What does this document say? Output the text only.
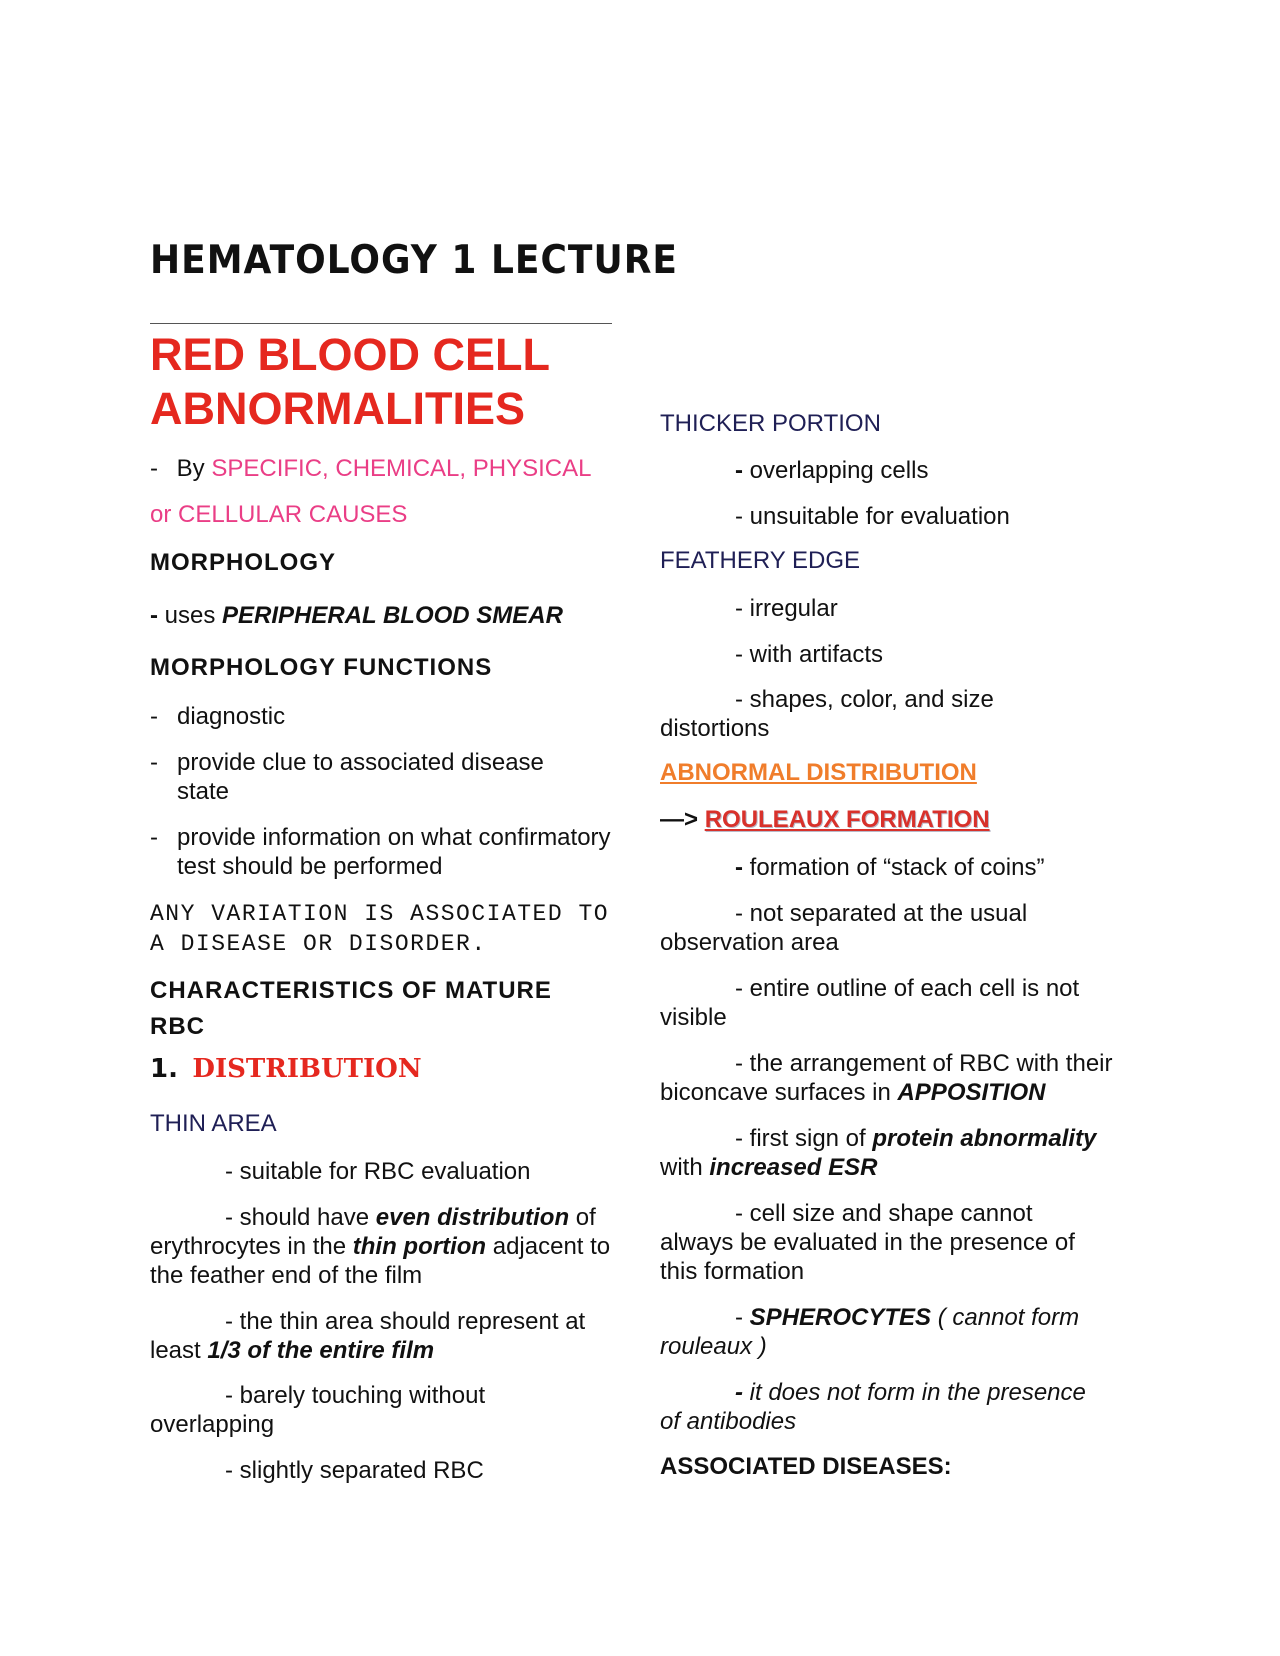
HEMATOLOGY 1 LECTURE
RED BLOOD CELL
ABNORMALITIES
- By SPECIFIC, CHEMICAL, PHYSICAL
or CELLULAR CAUSES
MORPHOLOGY
- uses PERIPHERAL BLOOD SMEAR
MORPHOLOGY FUNCTIONS
- diagnostic
- provide clue to associated disease state
- provide information on what confirmatory test should be performed
ANY VARIATION IS ASSOCIATED TO
A DISEASE OR DISORDER.
CHARACTERISTICS OF MATURE
RBC
1. DISTRIBUTION
THIN AREA
- suitable for RBC evaluation
- should have even distribution of erythrocytes in the thin portion adjacent to the feather end of the film
- the thin area should represent at least 1/3 of the entire film
- barely touching without overlapping
- slightly separated RBC
THICKER PORTION
- overlapping cells
- unsuitable for evaluation
FEATHERY EDGE
- irregular
- with artifacts
- shapes, color, and size distortions
ABNORMAL DISTRIBUTION
—> ROULEAUX FORMATION
- formation of “stack of coins”
- not separated at the usual observation area
- entire outline of each cell is not visible
- the arrangement of RBC with their biconcave surfaces in APPOSITION
- first sign of protein abnormality with increased ESR
- cell size and shape cannot always be evaluated in the presence of this formation
- SPHEROCYTES ( cannot form rouleaux )
- it does not form in the presence of antibodies
ASSOCIATED DISEASES:
